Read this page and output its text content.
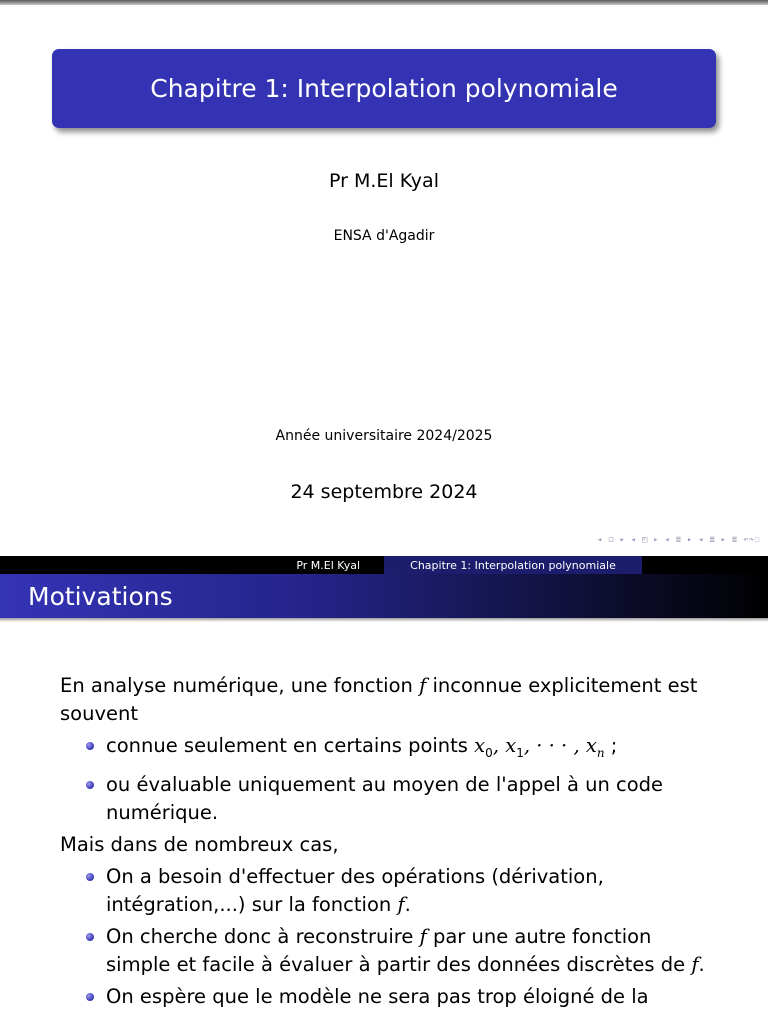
Chapitre 1: Interpolation polynomiale
Pr M.El Kyal
ENSA d'Agadir
Année universitaire 2024/2025
24 septembre 2024
◂ ◻ ▸ ◂ ◰ ▸ ◂ ≣ ▸ ◂ ≣ ▸ ≣ ↶↷◌
Pr M.El Kyal	Chapitre 1: Interpolation polynomiale
Motivations

En analyse numérique, une fonction f inconnue explicitement est souvent

connue seulement en certains points $x_0$, $x_1$, · · · , $x_n$ ;
ou évaluable uniquement au moyen de l'appel à un code numérique.

Mais dans de nombreux cas,

On a besoin d'effectuer des opérations (dérivation, intégration,...) sur la fonction f.
On cherche donc à reconstruire f par une autre fonction simple et facile à évaluer à partir des données discrètes de f.
On espère que le modèle ne sera pas trop éloigné de la
